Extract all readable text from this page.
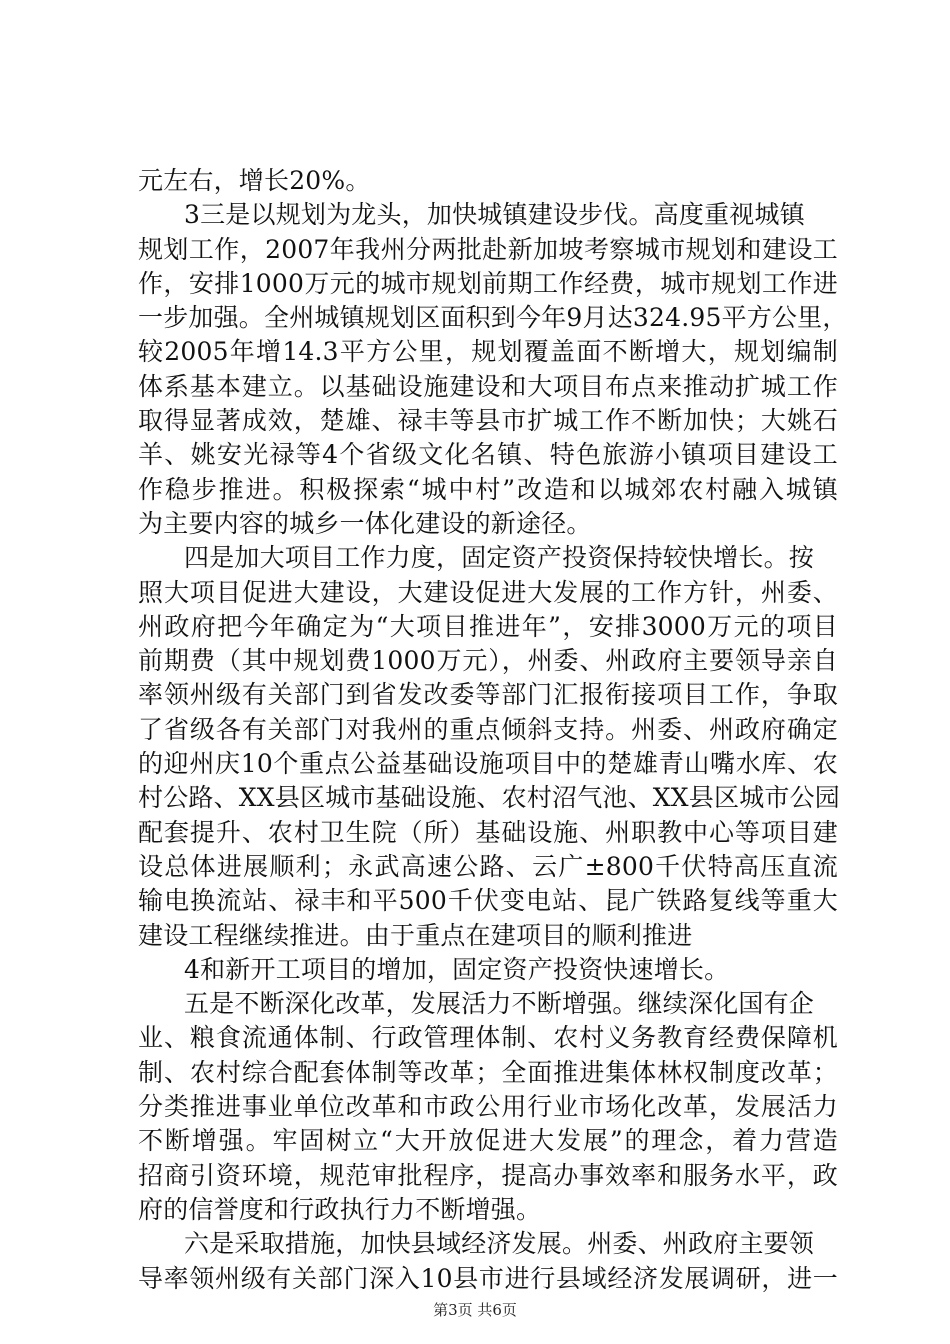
元左右，增长20%。
3三是以规划为龙头，加快城镇建设步伐。高度重视城镇
规划工作，2007年我州分两批赴新加坡考察城市规划和建设工
作，安排1000万元的城市规划前期工作经费，城市规划工作进
一步加强。全州城镇规划区面积到今年9月达324.95平方公里，
较2005年增14.3平方公里，规划覆盖面不断增大，规划编制
体系基本建立。以基础设施建设和大项目布点来推动扩城工作
取得显著成效，楚雄、禄丰等县市扩城工作不断加快；大姚石
羊、姚安光禄等4个省级文化名镇、特色旅游小镇项目建设工
作稳步推进。积极探索“城中村”改造和以城郊农村融入城镇
为主要内容的城乡一体化建设的新途径。
四是加大项目工作力度，固定资产投资保持较快增长。按
照大项目促进大建设，大建设促进大发展的工作方针，州委、
州政府把今年确定为“大项目推进年”，安排3000万元的项目
前期费（其中规划费1000万元），州委、州政府主要领导亲自
率领州级有关部门到省发改委等部门汇报衔接项目工作，争取
了省级各有关部门对我州的重点倾斜支持。州委、州政府确定
的迎州庆10个重点公益基础设施项目中的楚雄青山嘴水库、农
村公路、XX县区城市基础设施、农村沼气池、XX县区城市公园
配套提升、农村卫生院（所）基础设施、州职教中心等项目建
设总体进展顺利；永武高速公路、云广±800千伏特高压直流
输电换流站、禄丰和平500千伏变电站、昆广铁路复线等重大
建设工程继续推进。由于重点在建项目的顺利推进
4和新开工项目的增加，固定资产投资快速增长。
五是不断深化改革，发展活力不断增强。继续深化国有企
业、粮食流通体制、行政管理体制、农村义务教育经费保障机
制、农村综合配套体制等改革；全面推进集体林权制度改革；
分类推进事业单位改革和市政公用行业市场化改革，发展活力
不断增强。牢固树立“大开放促进大发展”的理念，着力营造
招商引资环境，规范审批程序，提高办事效率和服务水平，政
府的信誉度和行政执行力不断增强。
六是采取措施，加快县域经济发展。州委、州政府主要领
导率领州级有关部门深入10县市进行县域经济发展调研，进一
第3页 共6页
